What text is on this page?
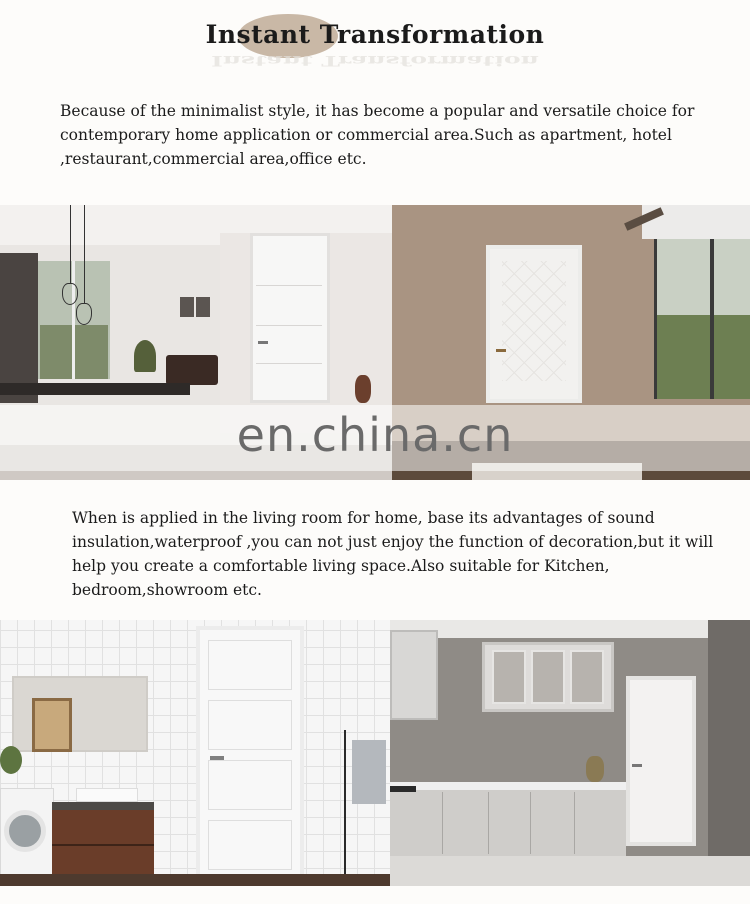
Instant Transformation
Instant Transformation

Because of the minimalist style, it has become a popular and versatile choice for contemporary home application or commercial area.Such as apartment, hotel ,restaurant,commercial area,office etc.

en.china.cn

When is applied in the living room for home, base its advantages of sound insulation,waterproof ,you can not just enjoy the function of decoration,but it will help you create a comfortable living space.Also suitable for Kitchen, bedroom,showroom etc.
